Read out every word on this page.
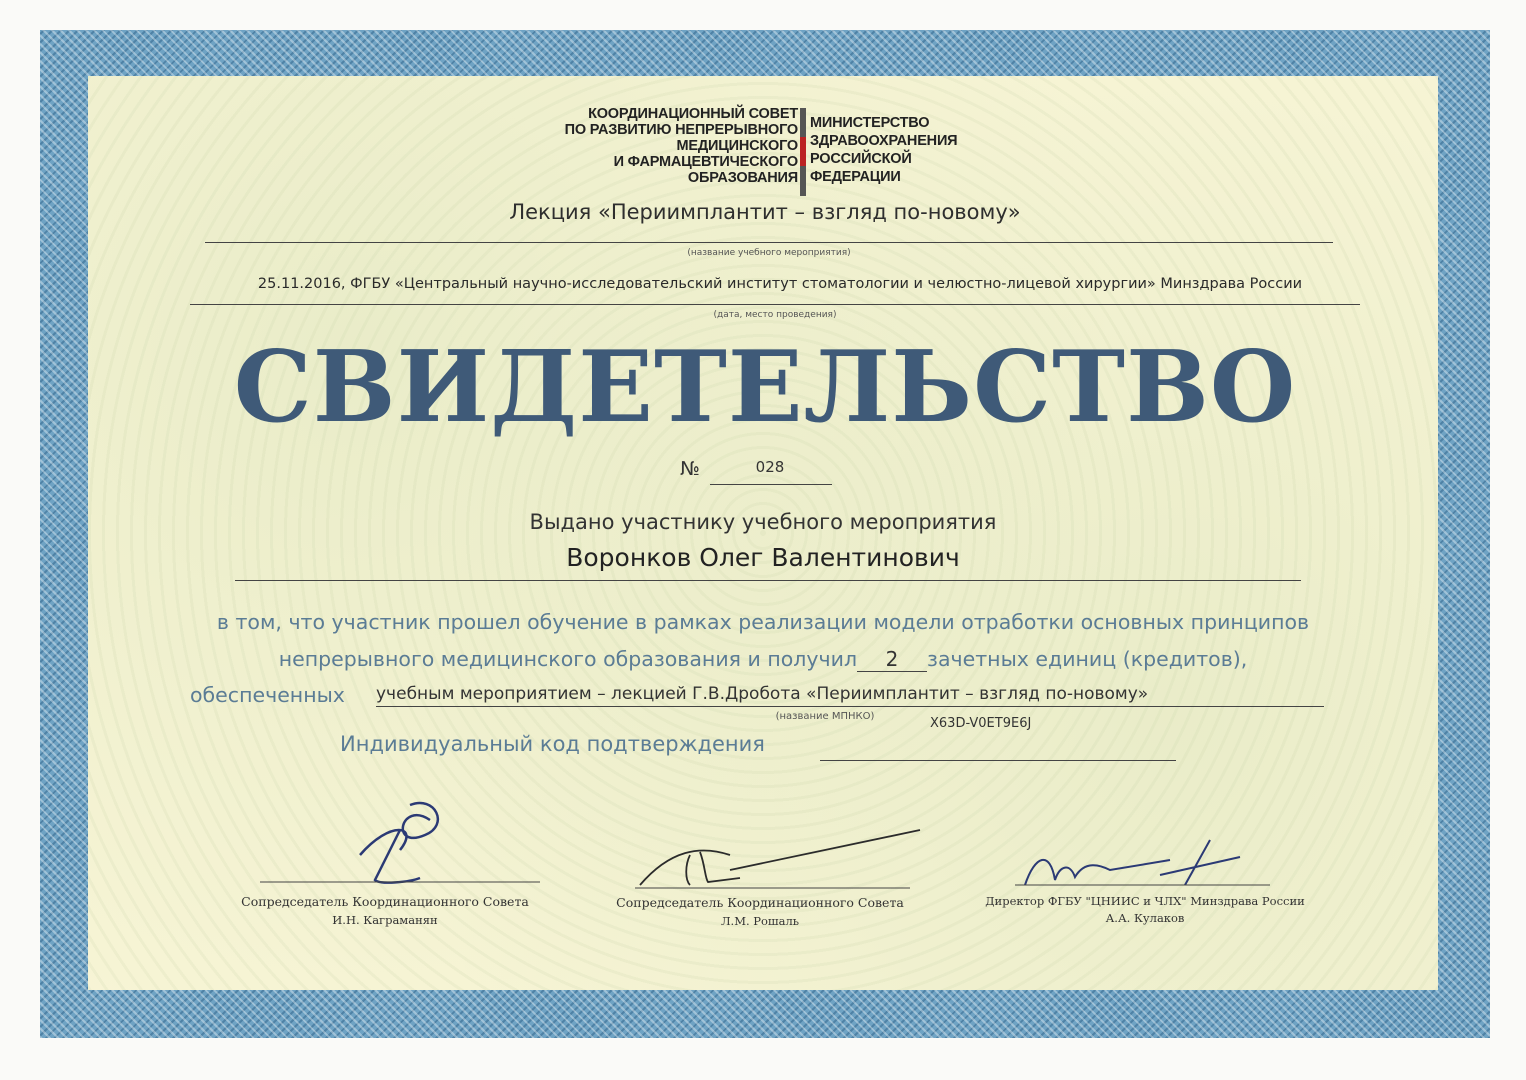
КООРДИНАЦИОННЫЙ СОВЕТ
ПО РАЗВИТИЮ НЕПРЕРЫВНОГО
МЕДИЦИНСКОГО
И ФАРМАЦЕВТИЧЕСКОГО
ОБРАЗОВАНИЯ
МИНИСТЕРСТВО
ЗДРАВООХРАНЕНИЯ
РОССИЙСКОЙ
ФЕДЕРАЦИИ
Лекция «Периимплантит – взгляд по-новому»
(название учебного мероприятия)
25.11.2016, ФГБУ «Центральный научно-исследовательский институт стоматологии и челюстно-лицевой хирургии» Минздрава России
(дата, место проведения)
СВИДЕТЕЛЬСТВО
№	028
Выдано участнику учебного мероприятия
Воронков Олег Валентинович
в том, что участник прошел обучение в рамках реализации модели отработки основных принципов
непрерывного медицинского образования и получил 2 зачетных единиц (кредитов),
обеспеченных	учебным мероприятием – лекцией Г.В.Дробота «Периимплантит – взгляд по-новому»
(название МПНКО)	X63D-V0ET9E6J
Индивидуальный код подтверждения
Сопредседатель Координационного Совета
И.Н. Каграманян
Сопредседатель Координационного Совета
Л.М. Рошаль
Директор ФГБУ "ЦНИИС и ЧЛХ" Минздрава России
А.А. Кулаков
